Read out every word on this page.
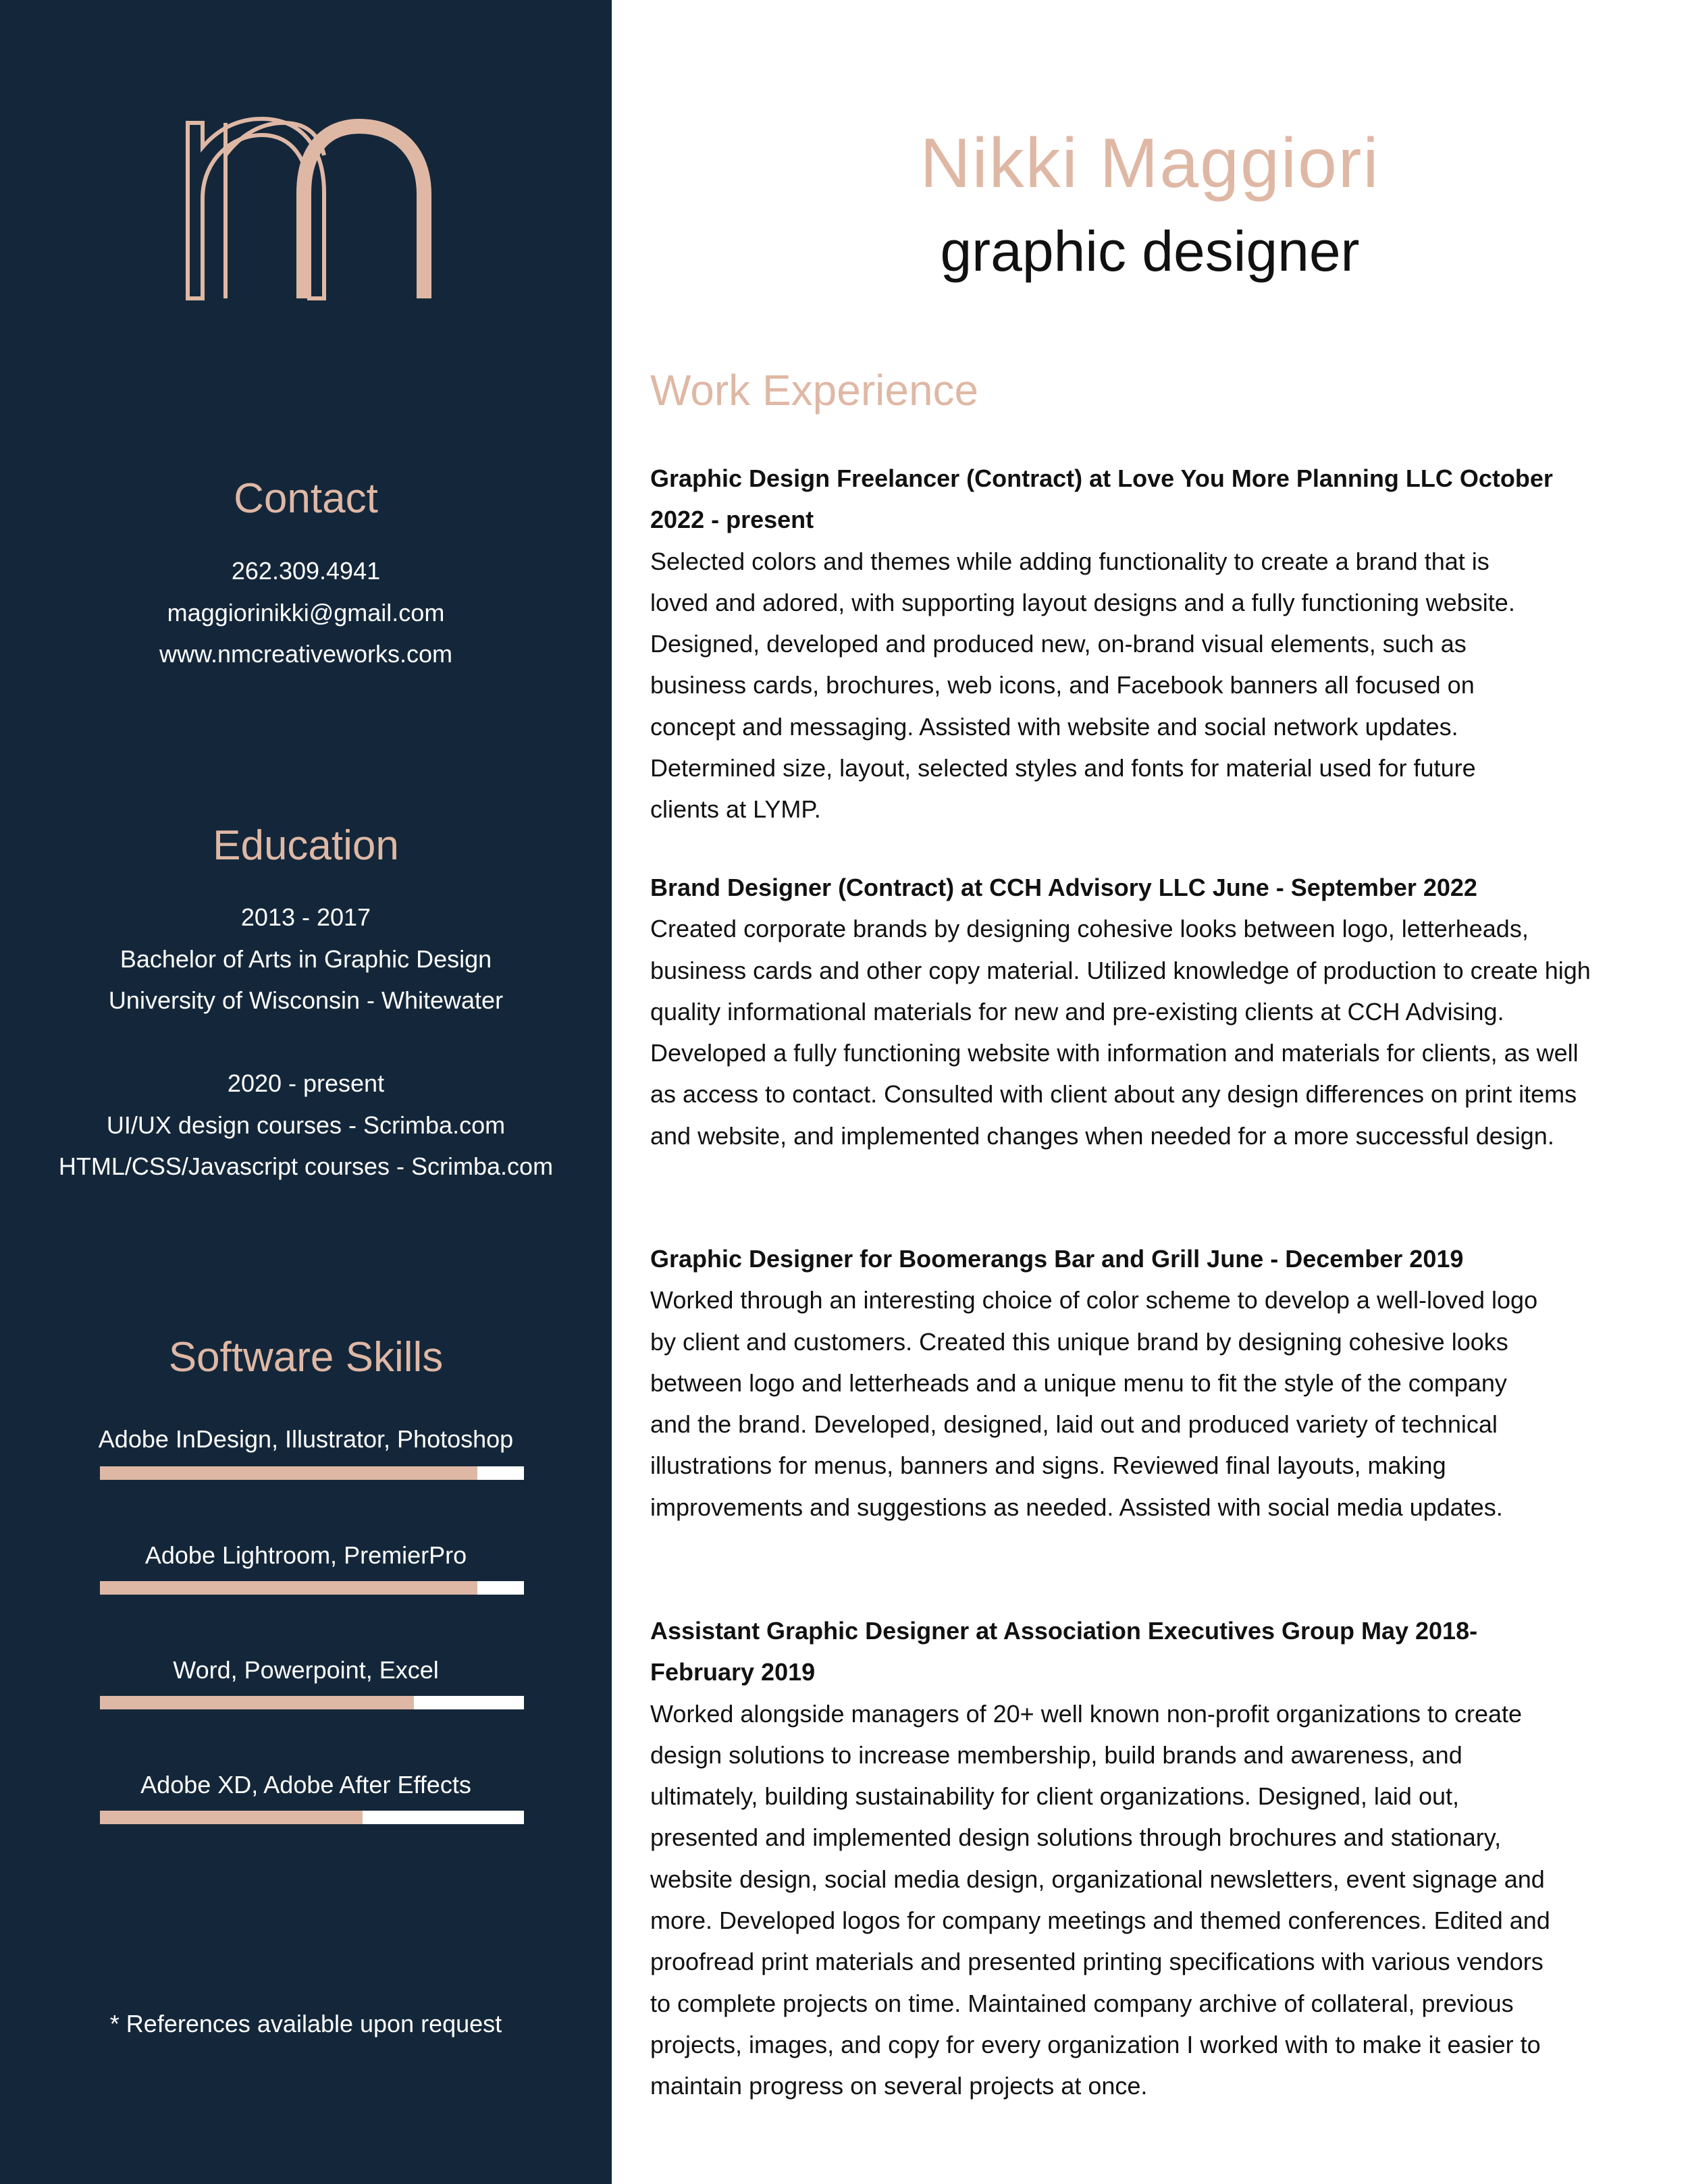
Contact
262.309.4941
maggiorinikki@gmail.com
www.nmcreativeworks.com
Education
2013 - 2017
Bachelor of Arts in Graphic Design
University of Wisconsin - Whitewater
2020 - present
UI/UX design courses - Scrimba.com
HTML/CSS/Javascript courses - Scrimba.com
Software Skills
Adobe InDesign, Illustrator, Photoshop
Adobe Lightroom, PremierPro
Word, Powerpoint, Excel
Adobe XD, Adobe After Effects
* References available upon request
Nikki Maggiori
graphic designer
Work Experience

Graphic Design Freelancer (Contract) at Love You More Planning LLC October 2022 - present

Selected colors and themes while adding functionality to create a brand that is loved and adored, with supporting layout designs and a fully functioning website. Designed, developed and produced new, on-brand visual elements, such as business cards, brochures, web icons, and Facebook banners all focused on concept and messaging. Assisted with website and social network updates. Determined size, layout, selected styles and fonts for material used for future clients at LYMP.

Brand Designer (Contract) at CCH Advisory LLC June - September 2022

Created corporate brands by designing cohesive looks between logo, letterheads, business cards and other copy material. Utilized knowledge of production to create high quality informational materials for new and pre-existing clients at CCH Advising. Developed a fully functioning website with information and materials for clients, as well as access to contact. Consulted with client about any design differences on print items and website, and implemented changes when needed for a more successful design.

Graphic Designer for Boomerangs Bar and Grill June - December 2019

Worked through an interesting choice of color scheme to develop a well-loved logo by client and customers. Created this unique brand by designing cohesive looks between logo and letterheads and a unique menu to fit the style of the company and the brand. Developed, designed, laid out and produced variety of technical illustrations for menus, banners and signs. Reviewed final layouts, making improvements and suggestions as needed. Assisted with social media updates.

Assistant Graphic Designer at Association Executives Group May 2018- February 2019

Worked alongside managers of 20+ well known non-profit organizations to create design solutions to increase membership, build brands and awareness, and ultimately, building sustainability for client organizations. Designed, laid out, presented and implemented design solutions through brochures and stationary, website design, social media design, organizational newsletters, event signage and more. Developed logos for company meetings and themed conferences. Edited and proofread print materials and presented printing specifications with various vendors to complete projects on time. Maintained company archive of collateral, previous projects, images, and copy for every organization I worked with to make it easier to maintain progress on several projects at once.
